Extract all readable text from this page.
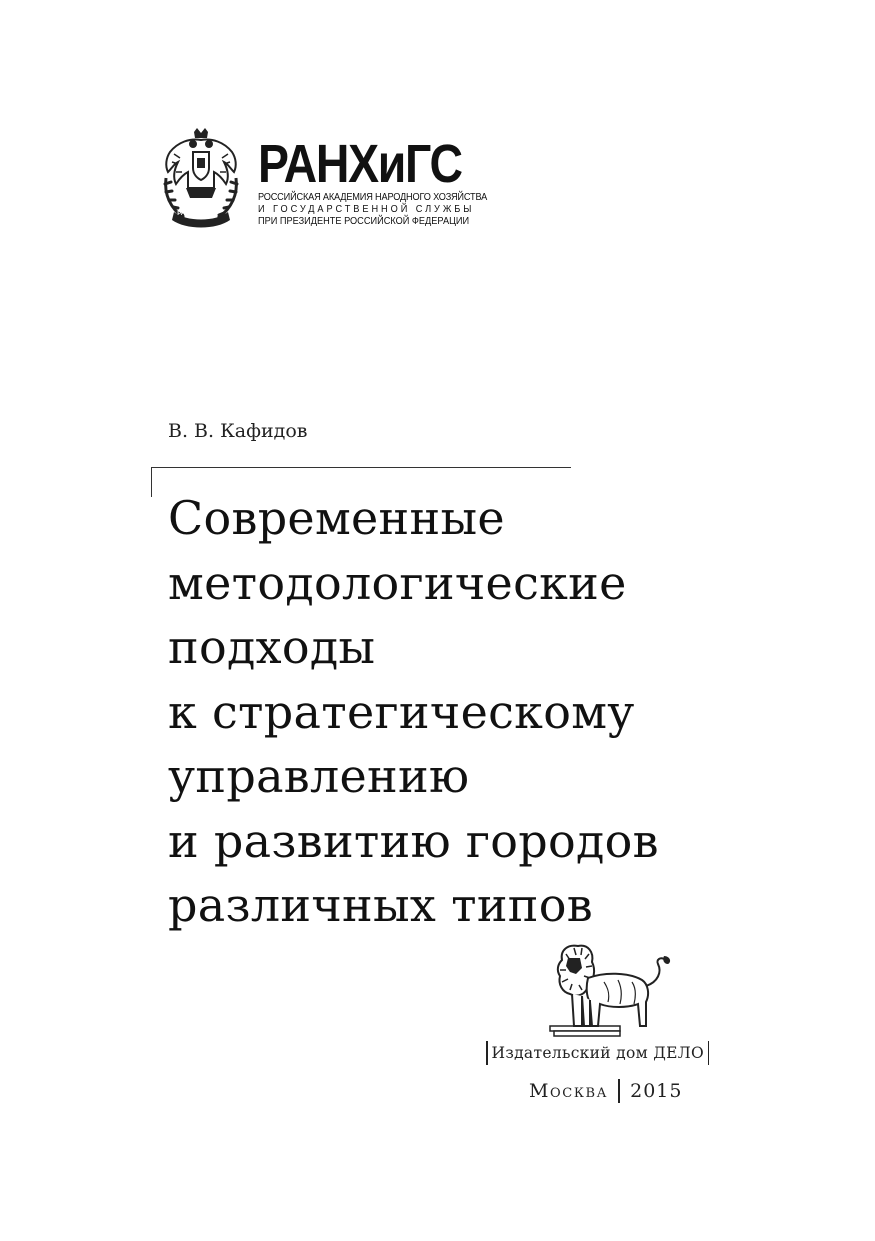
РАНХиГС
РАНХиГС
РОССИЙСКАЯ АКАДЕМИЯ НАРОДНОГО ХОЗЯЙСТВА
И ГОСУДАРСТВЕННОЙ СЛУЖБЫ
ПРИ ПРЕЗИДЕНТЕ РОССИЙСКОЙ ФЕДЕРАЦИИ
В. В. Кафидов
Современные
методологические
подходы
к стратегическому
управлению
и развитию городов
различных типов
Издательский дом ДЕЛО
Москва 2015
